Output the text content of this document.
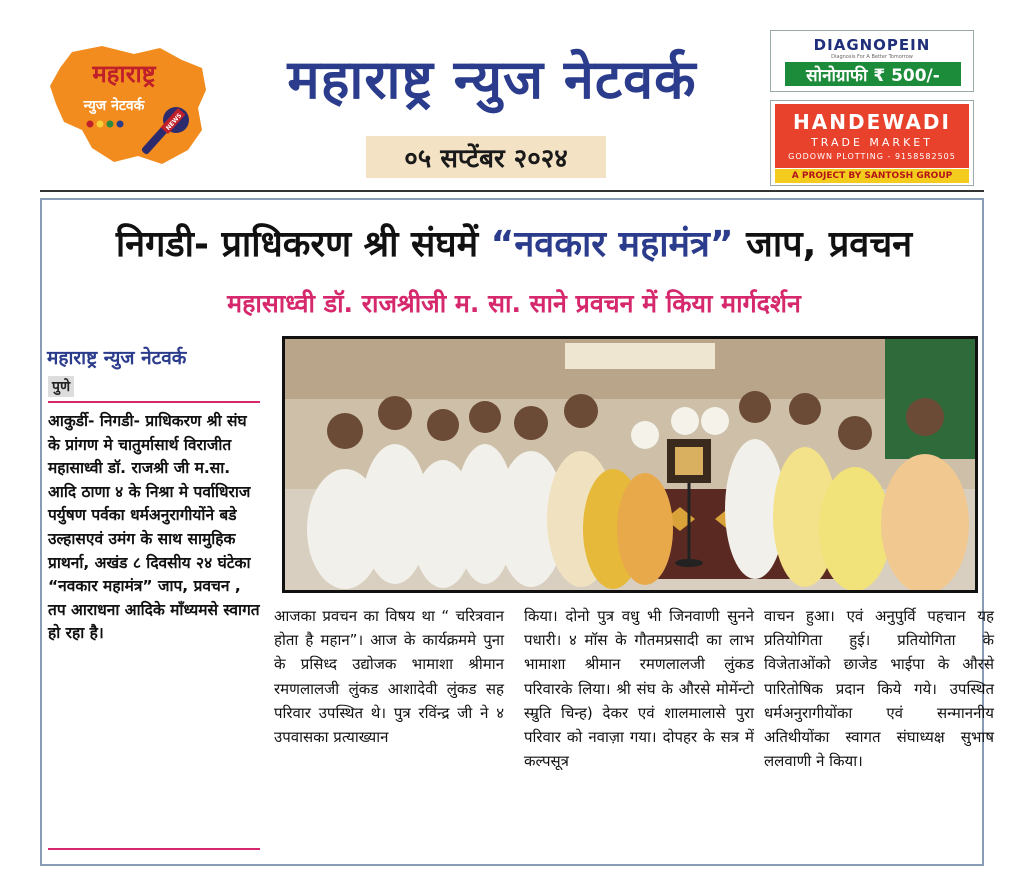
महाराष्ट्र
न्युज नेटवर्क
NEWS
महाराष्ट्र न्युज नेटवर्क
०५ सप्टेंबर २०२४
DIAGNOPEIN
Diagnosis For A Better Tomorrow
सोनोग्राफी ₹ 500/-
HANDEWADI
TRADE MARKET
GODOWN PLOTTING - 9158582505
A PROJECT BY SANTOSH GROUP
निगडी- प्राधिकरण श्री संघमें “नवकार महामंत्र” जाप, प्रवचन
महासाध्वी डॉ. राजश्रीजी म. सा. साने प्रवचन में किया मार्गदर्शन
महाराष्ट्र न्युज नेटवर्क
पुणे
आकुर्डी- निगडी- प्राधिकरण श्री संघ के प्रांगण मे चातुर्मासार्थ विराजीत महासाध्वी डॉ. राजश्री जी म.सा. आदि ठाणा ४ के निश्रा मे पर्वाधिराज पर्युषण पर्वका धर्मअनुरागीयोंने बडे उल्हासएवं उमंग के साथ सामुहिक प्राथर्ना, अखंड ८ दिवसीय २४ घंटेका “नवकार महामंत्र” जाप, प्रवचन , तप आराधना आदिके माँध्यमसे स्वागत हो रहा है।
आजका प्रवचन का विषय था “ चरित्रवान होता है महान”। आज के कार्यक्रममे पुना के प्रसिध्द उद्योजक भामाशा श्रीमान रमणलालजी लुंकड आशादेवी लुंकड सह परिवार उपस्थित थे। पुत्र रविंन्द्र जी ने ४ उपवासका प्रत्याख्यान
किया। दोनो पुत्र वधु भी जिनवाणी सुनने पधारी। ४ मॉस के गौतमप्रसादी का लाभ भामाशा श्रीमान रमणलालजी लुंकड परिवारके लिया। श्री संघ के औरसे मोमेंन्टो स्म्रुति चिन्ह) देकर एवं शालमालासे पुरा परिवार को नवाज़ा गया। दोपहर के सत्र में कल्पसूत्र
वाचन हुआ। एवं अनुपुर्वि पहचान यह प्रतियोगिता हुई। प्रतियोगिता के विजेताओंको छाजेड भाईपा के औरसे पारितोषिक प्रदान किये गये। उपस्थित धर्मअनुरागीयोंका एवं सन्माननीय अतिथीयोंका स्वागत संघाध्यक्ष सुभाष ललवाणी ने किया।
